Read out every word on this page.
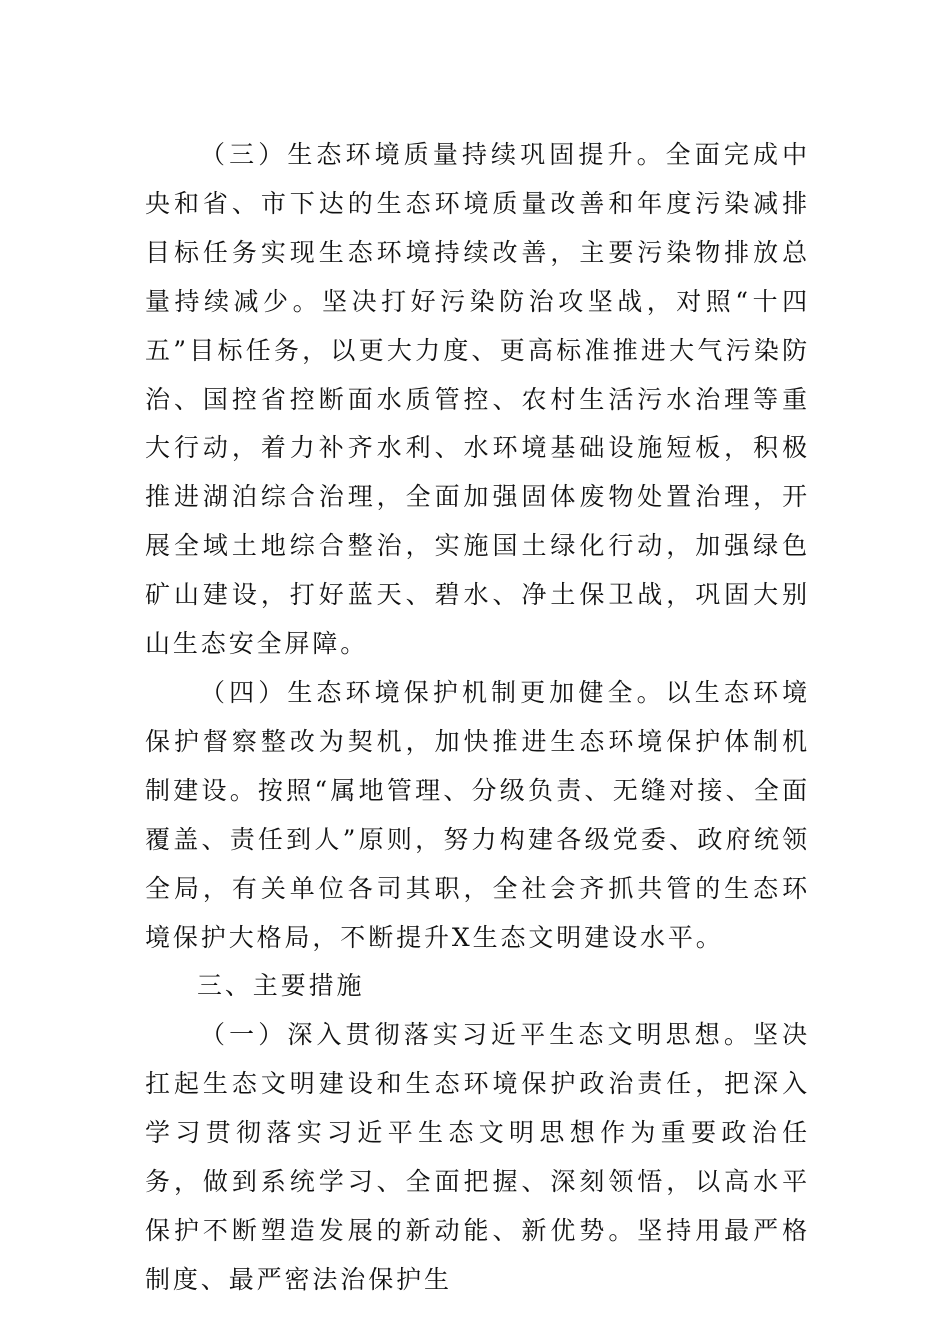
（三）生态环境质量持续巩固提升。全面完成中央和省、市下达的生态环境质量改善和年度污染减排目标任务实现生态环境持续改善，主要污染物排放总量持续减少。坚决打好污染防治攻坚战，对照“十四五”目标任务，以更大力度、更高标准推进大气污染防治、国控省控断面水质管控、农村生活污水治理等重大行动，着力补齐水利、水环境基础设施短板，积极推进湖泊综合治理，全面加强固体废物处置治理，开展全域土地综合整治，实施国土绿化行动，加强绿色矿山建设，打好蓝天、碧水、净土保卫战，巩固大别山生态安全屏障。

（四）生态环境保护机制更加健全。以生态环境保护督察整改为契机，加快推进生态环境保护体制机制建设。按照“属地管理、分级负责、无缝对接、全面覆盖、责任到人”原则，努力构建各级党委、政府统领全局，有关单位各司其职，全社会齐抓共管的生态环境保护大格局，不断提升X生态文明建设水平。

三、主要措施

（一）深入贯彻落实习近平生态文明思想。坚决扛起生态文明建设和生态环境保护政治责任，把深入学习贯彻落实习近平生态文明思想作为重要政治任务，做到系统学习、全面把握、深刻领悟，以高水平保护不断塑造发展的新动能、新优势。坚持用最严格制度、最严密法治保护生
